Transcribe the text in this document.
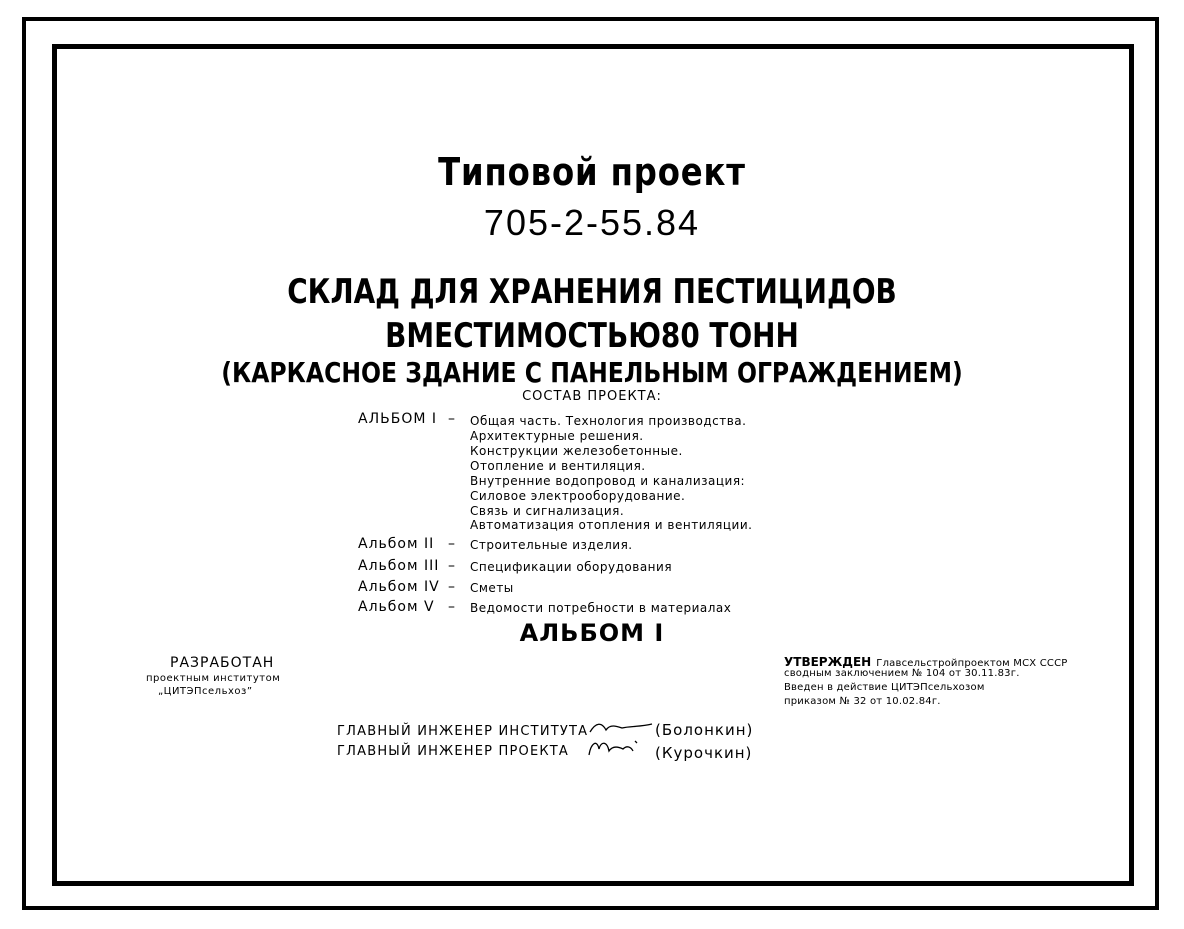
Типовой проект
705-2-55.84
СКЛАД ДЛЯ ХРАНЕНИЯ ПЕСТИЦИДОВ
ВМЕСТИМОСТЬЮ80 ТОНН
(КАРКАСНОЕ ЗДАНИЕ С ПАНЕЛЬНЫМ ОГРАЖДЕНИЕМ)
СОСТАВ ПРОЕКТА:
АЛЬБОМ I – Общая часть. Технология производства.
Архитектурные решения.
Конструкции железобетонные.
Отопление и вентиляция.
Внутренние водопровод и канализация:
Силовое электрооборудование.
Связь и сигнализация.
Автоматизация отопления и вентиляции.
Альбом II – Строительные изделия.
Альбом III – Спецификации оборудования
Альбом IV – Сметы
Альбом V – Ведомости потребности в материалах
АЛЬБОМ I
РАЗРАБОТАН
проектным институтом
„ЦИТЭПсельхоз”
УТВЕРЖДЕН Главсельстройпроектом МСХ СССР
сводным заключением № 104 от 30.11.83г.
Введен в действие ЦИТЭПсельхозом
приказом № 32 от 10.02.84г.
ГЛАВНЫЙ ИНЖЕНЕР ИНСТИТУТА	(Болонкин)
ГЛАВНЫЙ ИНЖЕНЕР ПРОЕКТА	(Курочкин)
